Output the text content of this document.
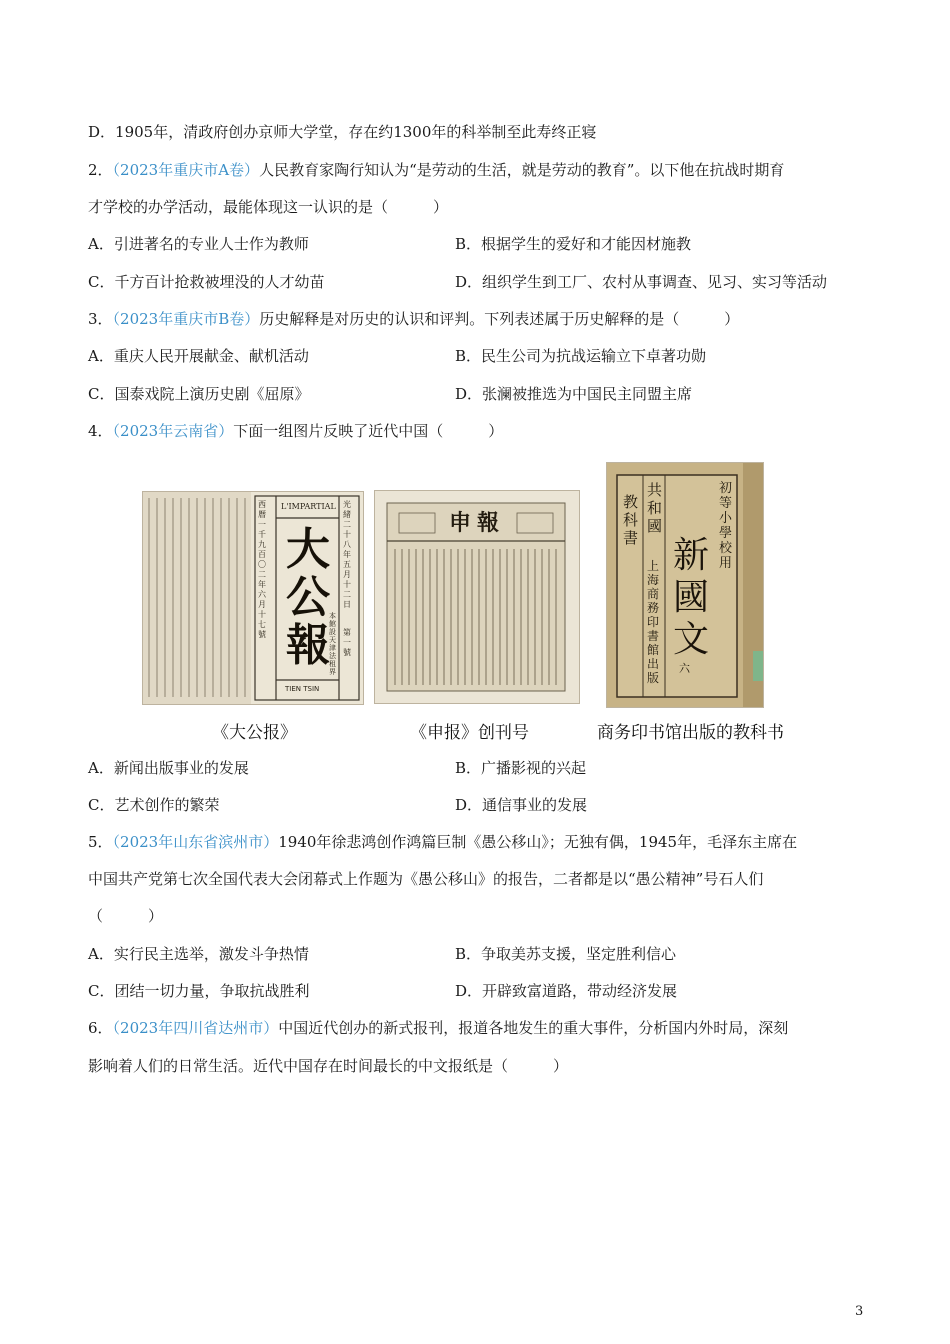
D．1905年，清政府创办京师大学堂，存在约1300年的科举制至此寿终正寝
2．（2023年重庆市A卷）人民教育家陶行知认为“是劳动的生活，就是劳动的教育”。以下他在抗战时期育
才学校的办学活动，最能体现这一认识的是（　　　）
A．引进著名的专业人士作为教师	B．根据学生的爱好和才能因材施教
C．千方百计抢救被埋没的人才幼苗	D．组织学生到工厂、农村从事调查、见习、实习等活动
3．（2023年重庆市B卷）历史解释是对历史的认识和评判。下列表述属于历史解释的是（　　　）
A．重庆人民开展献金、献机活动	B．民生公司为抗战运输立下卓著功勋
C．国泰戏院上演历史剧《屈原》	D．张澜被推选为中国民主同盟主席
4．（2023年云南省）下面一组图片反映了近代中国（　　　）
L'IMPARTIAL
大
公
報
TIEN TSIN
西曆一千九百〇二年六月十七號
光緒二十八年五月十二日
本館設天津法租界
第一號
申報
共和國
教科書
初等小學校用
新國文
六
上海商務印書館出版
《大公报》	《申报》创刊号	商务印书馆出版的教科书
A．新闻出版事业的发展	B．广播影视的兴起
C．艺术创作的繁荣	D．通信事业的发展
5．（2023年山东省滨州市）1940年徐悲鸿创作鸿篇巨制《愚公移山》；无独有偶，1945年，毛泽东主席在
中国共产党第七次全国代表大会闭幕式上作题为《愚公移山》的报告，二者都是以“愚公精神”号石人们
（　　　）
A．实行民主选举，激发斗争热情	B．争取美苏支援，坚定胜利信心
C．团结一切力量，争取抗战胜利	D．开辟致富道路，带动经济发展
6．（2023年四川省达州市）中国近代创办的新式报刊，报道各地发生的重大事件，分析国内外时局，深刻
影响着人们的日常生活。近代中国存在时间最长的中文报纸是（　　　）
3
